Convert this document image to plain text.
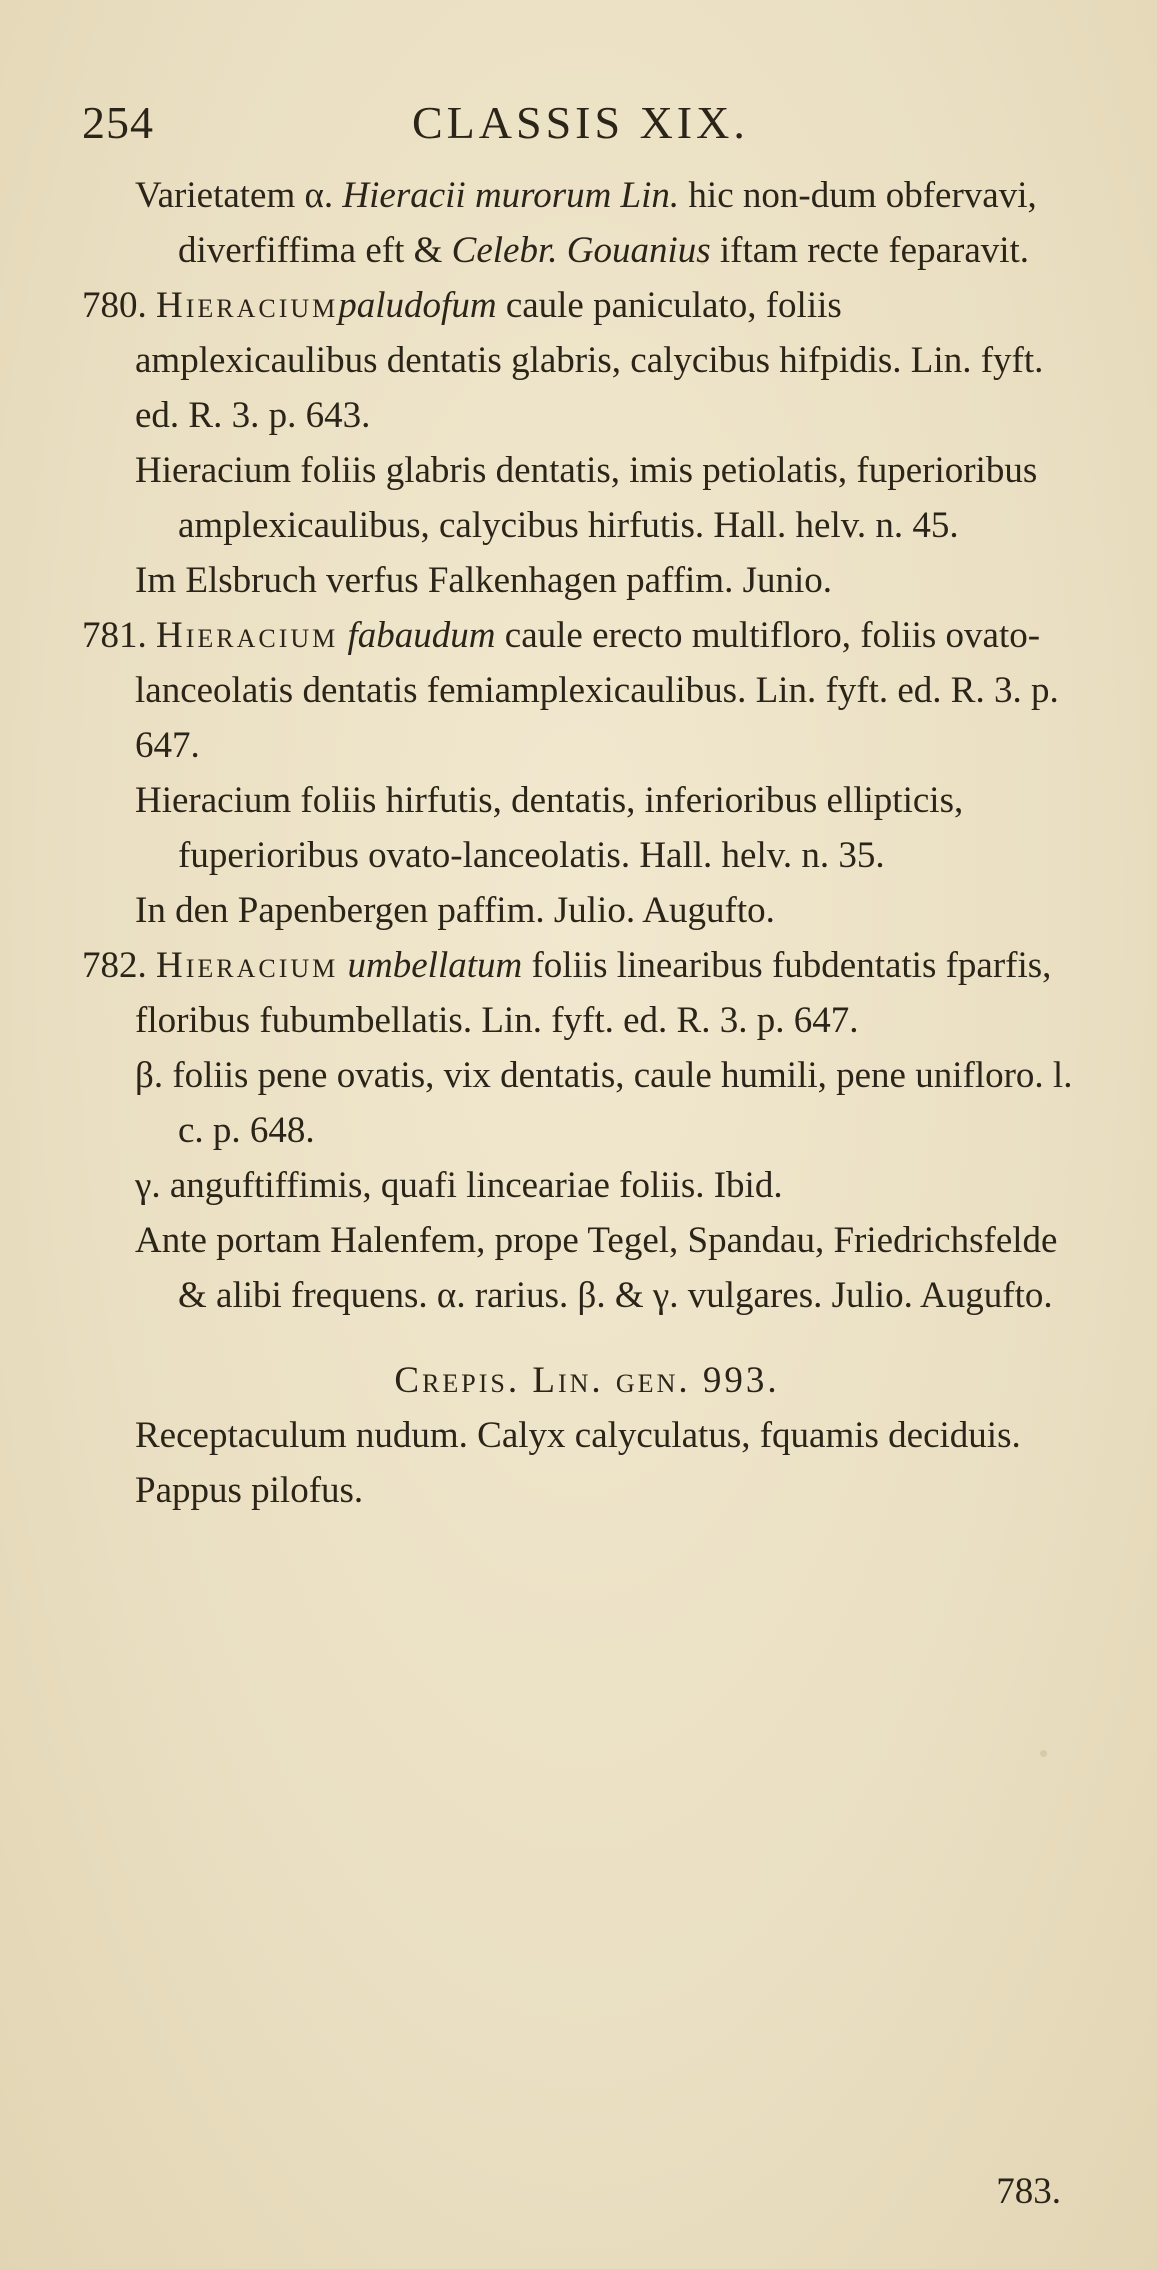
254	CLASSIS XIX.

Varietatem α. Hieracii murorum Lin. hic non-dum obfervavi, diverfiffima eft & Celebr. Gouanius iftam recte feparavit.

780. Hieraciumpaludofum caule paniculato, foliis amplexicaulibus dentatis glabris, calycibus hifpidis. Lin. fyft. ed. R. 3. p. 643.

Hieracium foliis glabris dentatis, imis petiolatis, fuperioribus amplexicaulibus, calycibus hirfutis. Hall. helv. n. 45.

Im Elsbruch verfus Falkenhagen paffim. Junio.

781. Hieracium fabaudum caule erecto multifloro, foliis ovato-lanceolatis dentatis femiamplexicaulibus. Lin. fyft. ed. R. 3. p. 647.

Hieracium foliis hirfutis, dentatis, inferioribus ellipticis, fuperioribus ovato-lanceolatis. Hall. helv. n. 35.

In den Papenbergen paffim. Julio. Augufto.

782. Hieracium umbellatum foliis linearibus fubdentatis fparfis, floribus fubumbellatis. Lin. fyft. ed. R. 3. p. 647.

β. foliis pene ovatis, vix dentatis, caule humili, pene unifloro. l. c. p. 648.

γ. anguftiffimis, quafi linceariae foliis. Ibid.

Ante portam Halenfem, prope Tegel, Spandau, Friedrichsfelde & alibi frequens. α. rarius. β. & γ. vulgares. Julio. Augufto.

Crepis. Lin. gen. 993.

Receptaculum nudum. Calyx calyculatus, fquamis deciduis. Pappus pilofus.

783.
